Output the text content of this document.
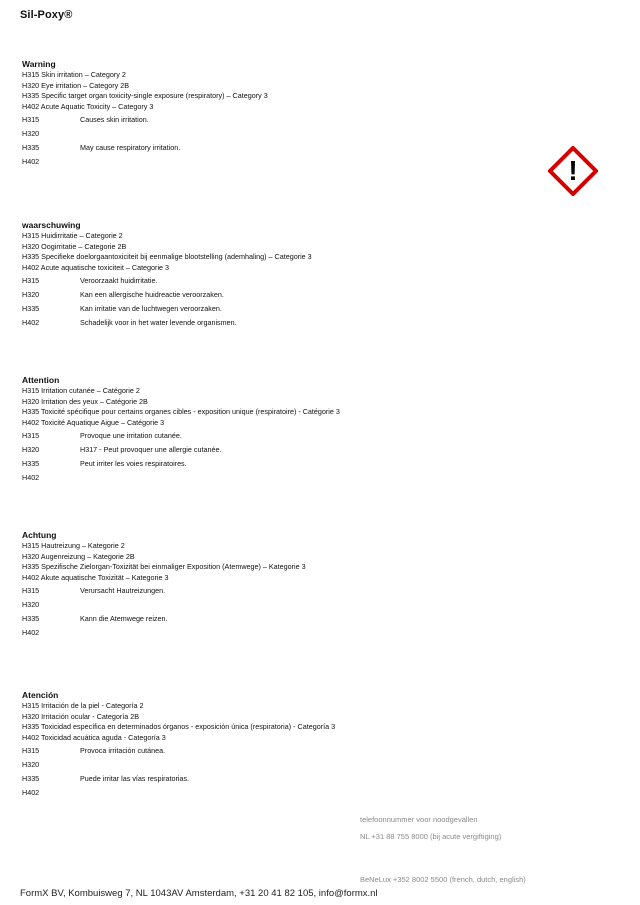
Sil-Poxy®
Warning
H315 Skin irritation – Category 2
H320 Eye irritation – Category 2B
H335 Specific target organ toxicity-single exposure (respiratory) – Category 3
H402 Acute Aquatic Toxicity – Category 3
H315	Causes skin irritation.
H320
H335	May cause respiratory irritation.
H402
waarschuwing
H315 Huidirritatie – Categorie 2
H320 Oogirritatie – Categorie 2B
H335 Specifieke doelorgaantoxiciteit bij eenmalige blootstelling (ademhaling) – Categorie 3
H402 Acute aquatische toxiciteit – Categorie 3
H315	Veroorzaakt huidirritatie.
H320	Kan een allergische huidreactie veroorzaken.
H335	Kan irritatie van de luchtwegen veroorzaken.
H402	Schadelijk voor in het water levende organismen.
Attention
H315 Irritation cutanée – Catégorie 2
H320 Irritation des yeux – Catégorie 2B
H335 Toxicité spécifique pour certains organes cibles - exposition unique (respiratoire) - Catégorie 3
H402 Toxicité Aquatique Aigue – Catégorie 3
H315	Provoque une irritation cutanée.
H320	H317 - Peut provoquer une allergie cutanée.
H335	Peut irriter les voies respiratoires.
H402
Achtung
H315 Hautreizung – Kategorie 2
H320 Augenreizung – Kategorie 2B
H335 Spezifische Zielorgan-Toxizität bei einmaliger Exposition (Atemwege) – Kategorie 3
H402 Akute aquatische Toxizität – Kategorie 3
H315	Verursacht Hautreizungen.
H320
H335	Kann die Atemwege reizen.
H402
Atención
H315 Irritación de la piel - Categoría 2
H320 Irritación ocular - Categoría 2B
H335 Toxicidad específica en determinados órganos - exposición única (respiratoria) - Categoría 3
H402 Toxicidad acuática aguda - Categoría 3
H315	Provoca irritación cutánea.
H320
H335	Puede irritar las vías respiratorias.
H402
!
telefoonnummer voor noodgevallen
NL +31 88 755 8000 (bij acute vergiftiging)
BeNeLux +352 8002 5500 (french, dutch, english)
FormX BV, Kombuisweg 7, NL 1043AV Amsterdam, +31 20 41 82 105, info@formx.nl
